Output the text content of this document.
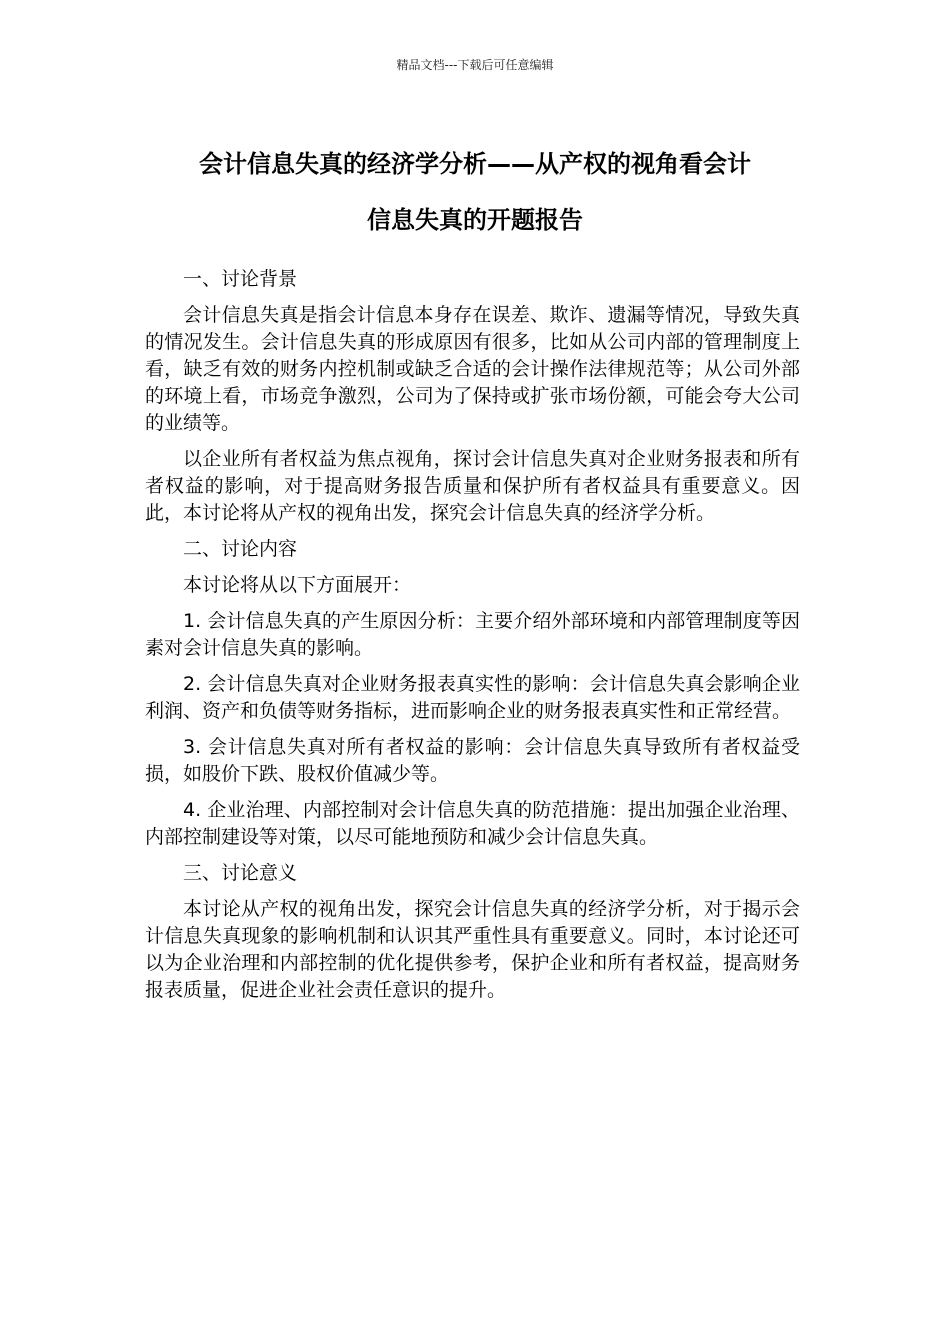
精品文档---下载后可任意编辑
会计信息失真的经济学分析——从产权的视角看会计
信息失真的开题报告

一、讨论背景

会计信息失真是指会计信息本身存在误差、欺诈、遗漏等情况，导致失真的情况发生。会计信息失真的形成原因有很多，比如从公司内部的管理制度上看，缺乏有效的财务内控机制或缺乏合适的会计操作法律规范等；从公司外部的环境上看，市场竞争激烈，公司为了保持或扩张市场份额，可能会夸大公司的业绩等。

以企业所有者权益为焦点视角，探讨会计信息失真对企业财务报表和所有者权益的影响，对于提高财务报告质量和保护所有者权益具有重要意义。因此，本讨论将从产权的视角出发，探究会计信息失真的经济学分析。

二、讨论内容

本讨论将从以下方面展开：

1. 会计信息失真的产生原因分析：主要介绍外部环境和内部管理制度等因素对会计信息失真的影响。

2. 会计信息失真对企业财务报表真实性的影响：会计信息失真会影响企业利润、资产和负债等财务指标，进而影响企业的财务报表真实性和正常经营。

3. 会计信息失真对所有者权益的影响：会计信息失真导致所有者权益受损，如股价下跌、股权价值减少等。

4. 企业治理、内部控制对会计信息失真的防范措施：提出加强企业治理、内部控制建设等对策，以尽可能地预防和减少会计信息失真。

三、讨论意义

本讨论从产权的视角出发，探究会计信息失真的经济学分析，对于揭示会计信息失真现象的影响机制和认识其严重性具有重要意义。同时，本讨论还可以为企业治理和内部控制的优化提供参考，保护企业和所有者权益，提高财务报表质量，促进企业社会责任意识的提升。
